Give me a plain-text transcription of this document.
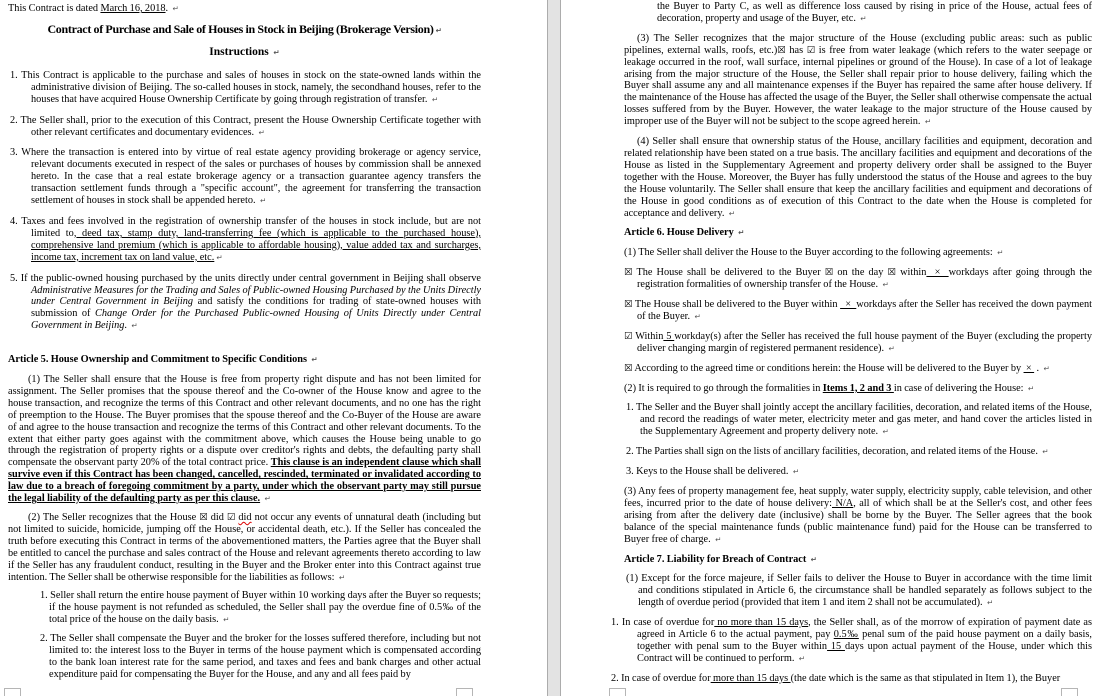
This Contract is dated March 16, 2018. ↵
Contract of Purchase and Sale of Houses in Stock in Beijing (Brokerage Version) ↵
Instructions ↵
1. This Contract is applicable to the purchase and sales of houses in stock on the state-owned lands within the administrative division of Beijing. The so-called houses in stock, namely, the secondhand houses, refer to the houses that have acquired House Ownership Certificate by going through registration of transfer. ↵
2. The Seller shall, prior to the execution of this Contract, present the House Ownership Certificate together with other relevant certificates and documentary evidences. ↵
3. Where the transaction is entered into by virtue of real estate agency providing brokerage or agency service, relevant documents executed in respect of the sales or purchases of houses by commission shall be annexed hereto. In the case that a real estate brokerage agency or a transaction guarantee agency transfers the transaction settlement funds through a "specific account", the agreement for transferring the transaction settlement of houses in stock shall be appended hereto. ↵
4. Taxes and fees involved in the registration of ownership transfer of the houses in stock include, but are not limited to, deed tax, stamp duty, land-transferring fee (which is applicable to the purchased house), comprehensive land premium (which is applicable to affordable housing), value added tax and surcharges, income tax, increment tax on land value, etc. ↵
5. If the public-owned housing purchased by the units directly under central government in Beijing shall observe Administrative Measures for the Trading and Sales of Public-owned Housing Purchased by the Units Directly under Central Government in Beijing and satisfy the conditions for trading of state-owned houses with submission of Change Order for the Purchased Public-owned Housing of Units Directly under Central Government in Beijing. ↵
Article 5. House Ownership and Commitment to Specific Conditions ↵
(1) The Seller shall ensure that the House is free from property right dispute and has not been limited for assignment. The Seller promises that the spouse thereof and the Co-owner of the House know and agree to the house transaction, and recognize the terms of this Contract and other relevant documents, and no one has the right of preemption to the House. The Buyer promises that the spouse thereof and the Co-Buyer of the House are aware of and agree to the house transaction and recognize the terms of this Contract and other relevant documents. To the extent that either party goes against with the commitment above, which causes the House being unable to go through the registration of property rights or a dispute over creditor's rights and debts, the defaulting party shall compensate the observant party 20% of the total contract price. This clause is an independent clause which shall survive even if this Contract has been changed, cancelled, rescinded, terminated or invalidated according to law due to a breach of foregoing commitment by a party, under which the observant party may still pursue the legal liability of the defaulting party as per this clause. ↵
(2) The Seller recognizes that the House ☒ did ☑ did not occur any events of unnatural death (including but not limited to suicide, homicide, jumping off the House, or accidental death, etc.). If the Seller has concealed the truth before executing this Contract in terms of the abovementioned matters, the Parties agree that the Buyer shall be entitled to cancel the purchase and sales contract of the House and relevant agreements thereto according to law if the Seller has any fraudulent conduct, resulting in the Buyer and the Broker enter into this Contract against true intention. The Seller shall be otherwise responsible for the liabilities as follows: ↵
1. Seller shall return the entire house payment of Buyer within 10 working days after the Buyer so requests; if the house payment is not refunded as scheduled, the Seller shall pay the overdue fine of 0.5‰ of the total price of the house on the daily basis. ↵
2. The Seller shall compensate the Buyer and the broker for the losses suffered therefore, including but not limited to: the interest loss to the Buyer in terms of the house payment which is compensated according to the bank loan interest rate for the same period, and taxes and fees and bank charges and other actual expenditure paid for compensating the Buyer for the House, and any and all fees paid by
the Buyer to Party C, as well as difference loss caused by rising in price of the House, actual fees of decoration, property and usage of the Buyer, etc. ↵
(3) The Seller recognizes that the major structure of the House (excluding public areas: such as public pipelines, external walls, roofs, etc.)☒ has ☑ is free from water leakage (which refers to the water seepage or leakage occurred in the roof, wall surface, internal pipelines or ground of the House). In case of a lot of leakage arising from the major structure of the House, the Seller shall repair prior to house delivery, failing which the Buyer shall assume any and all maintenance expenses if the Buyer has repaired the same after house delivery. If the maintenance of the House has affected the usage of the Buyer, the Seller shall otherwise compensate the actual losses suffered from by the Buyer. However, the water leakage to the major structure of the House caused by improper use of the Buyer will not be subject to the scope agreed herein. ↵
(4) Seller shall ensure that ownership status of the House, ancillary facilities and equipment, decoration and related relationship have been stated on a true basis. The ancillary facilities and equipment and decorations of the House as listed in the Supplementary Agreement and property delivery order shall be assigned to the Buyer together with the House. Moreover, the Buyer has fully understood the status of the House and agrees to the buy the House voluntarily. The Seller shall ensure that keep the ancillary facilities and equipment and decorations of the House in good conditions as of execution of this Contract to the date when the House is completed for acceptance and delivery. ↵
Article 6. House Delivery ↵
(1) The Seller shall deliver the House to the Buyer according to the following agreements: ↵
☒ The House shall be delivered to the Buyer ☒ on the day ☒ within  ×  workdays after going through the registration formalities of ownership transfer of the House. ↵
☒ The House shall be delivered to the Buyer within   ×  workdays after the Seller has received the down payment of the Buyer. ↵
☑ Within 5 workday(s) after the Seller has received the full house payment of the Buyer (excluding the property deliver changing margin of registered permanent residence). ↵
☒ According to the agreed time or conditions herein: the House will be delivered to the Buyer by  ×  . ↵
(2) It is required to go through the formalities in Items 1, 2 and 3 in case of delivering the House: ↵
1. The Seller and the Buyer shall jointly accept the ancillary facilities, decoration, and related items of the House, and record the readings of water meter, electricity meter and gas meter, and hand cover the articles listed in the Supplementary Agreement and property delivery note. ↵
2. The Parties shall sign on the lists of ancillary facilities, decoration, and related items of the House. ↵
3. Keys to the House shall be delivered. ↵
(3) Any fees of property management fee, heat supply, water supply, electricity supply, cable television, and other fees, incurred prior to the date of house delivery: N/A, all of which shall be at the Seller's cost, and other fees arising from after the delivery date (inclusive) shall be borne by the Buyer. The Seller agrees that the book balance of the special maintenance funds (public maintenance fund) paid for the House can be transferred to Buyer free of charge. ↵
Article 7. Liability for Breach of Contract ↵
(1) Except for the force majeure, if Seller fails to deliver the House to Buyer in accordance with the time limit and conditions stipulated in Article 6, the circumstance shall be handled separately as follows subject to the length of overdue period (provided that item 1 and item 2 shall not be accumulated). ↵
1. In case of overdue for no more than 15 days, the Seller shall, as of the morrow of expiration of payment date as agreed in Article 6 to the actual payment, pay 0.5‰ penal sum of the paid house payment on a daily basis, together with penal sum to the Buyer within 15 days upon actual payment of the House, under which this Contract will be continued to perform. ↵
2. In case of overdue for more than 15 days (the date which is the same as that stipulated in Item 1), the Buyer
